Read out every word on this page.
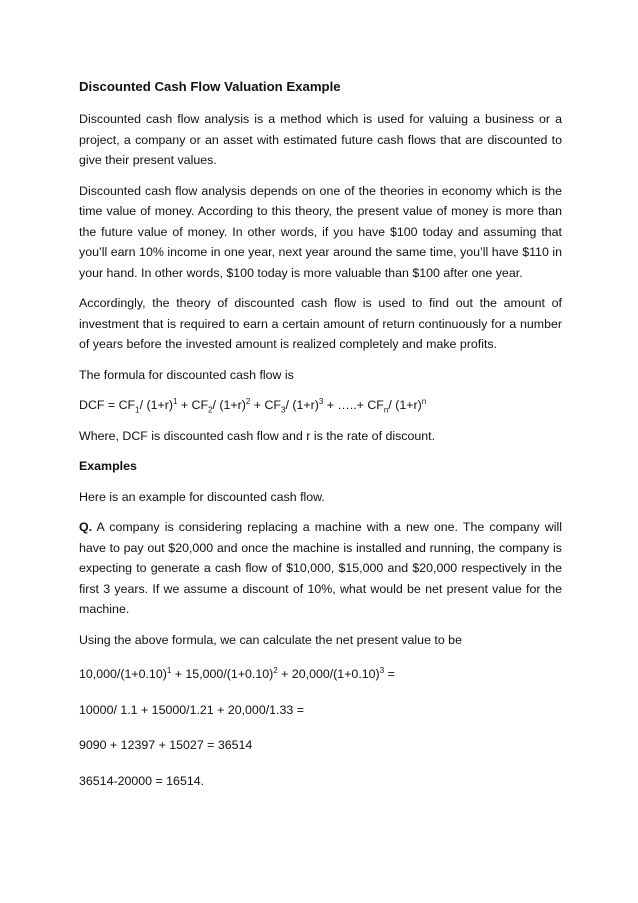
Discounted Cash Flow Valuation Example

Discounted cash flow analysis is a method which is used for valuing a business or a project, a company or an asset with estimated future cash flows that are discounted to give their present values.

Discounted cash flow analysis depends on one of the theories in economy which is the time value of money. According to this theory, the present value of money is more than the future value of money. In other words, if you have $100 today and assuming that you’ll earn 10% income in one year, next year around the same time, you’ll have $110 in your hand. In other words, $100 today is more valuable than $100 after one year.

Accordingly, the theory of discounted cash flow is used to find out the amount of investment that is required to earn a certain amount of return continuously for a number of years before the invested amount is realized completely and make profits.

The formula for discounted cash flow is

DCF = $CF_1/$ $(1+r)^1 + CF_2/$ $(1+r)^2 + CF_3/$ $(1+r)^3$ + …..+ $CF_n/$ $(1+r)^n$

Where, DCF is discounted cash flow and r is the rate of discount.

Examples

Here is an example for discounted cash flow.

Q. A company is considering replacing a machine with a new one. The company will have to pay out $20,000 and once the machine is installed and running, the company is expecting to generate a cash flow of $10,000, $15,000 and $20,000 respectively in the first 3 years. If we assume a discount of 10%, what would be net present value for the machine.

Using the above formula, we can calculate the net present value to be

$10,000/(1+0.10)^1 + 15,000/(1+0.10)^2 + 20,000/(1+0.10)^3$ =

10000/ 1.1 + 15000/1.21 + 20,000/1.33 =

9090 + 12397 + 15027 = 36514

36514-20000 = 16514.
